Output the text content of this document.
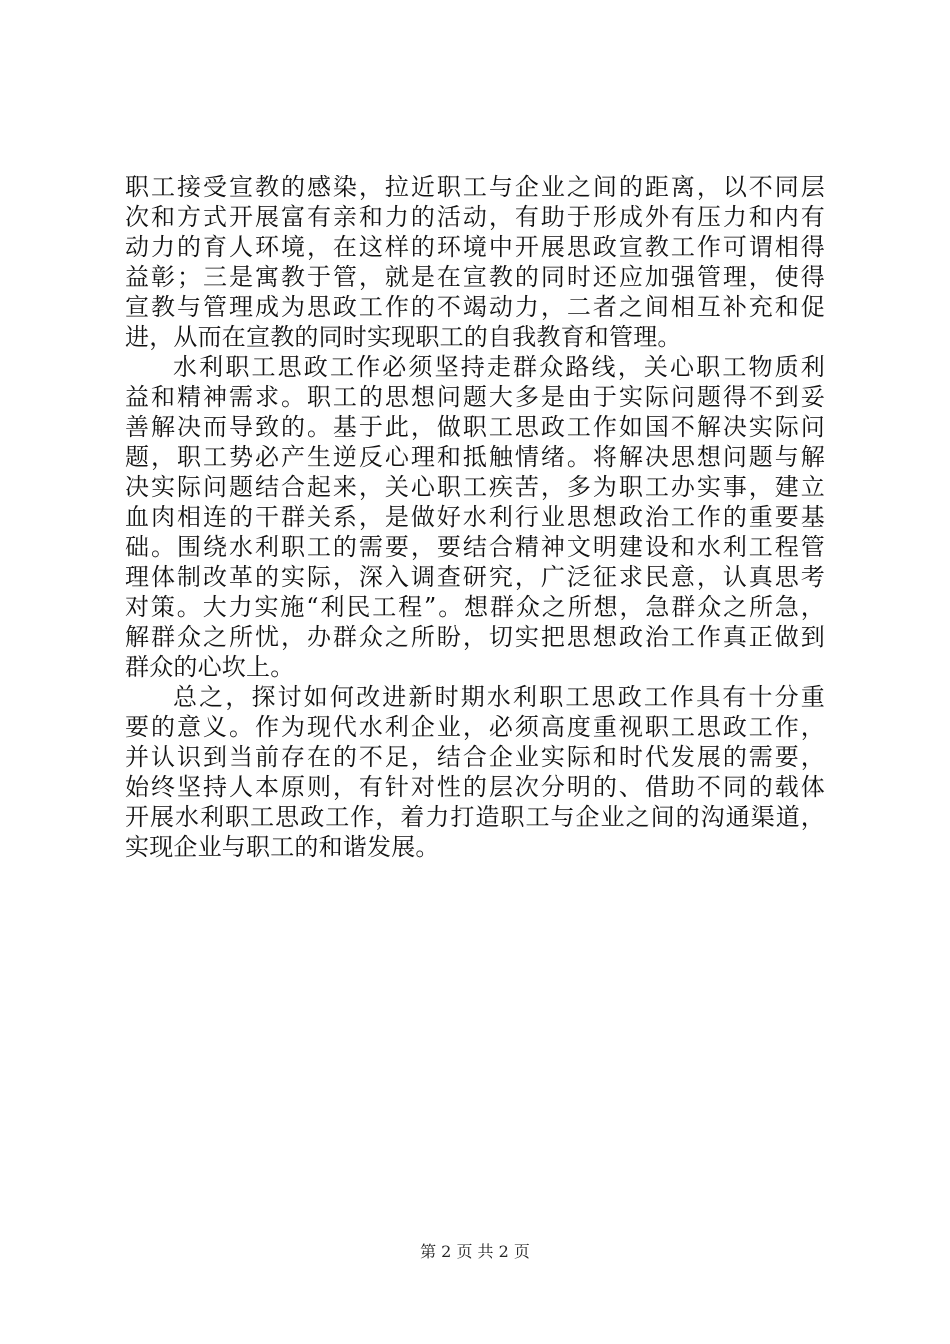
职工接受宣教的感染，拉近职工与企业之间的距离，以不同层
次和方式开展富有亲和力的活动，有助于形成外有压力和内有
动力的育人环境，在这样的环境中开展思政宣教工作可谓相得
益彰；三是寓教于管，就是在宣教的同时还应加强管理，使得
宣教与管理成为思政工作的不竭动力，二者之间相互补充和促
进，从而在宣教的同时实现职工的自我教育和管理。
水利职工思政工作必须坚持走群众路线，关心职工物质利
益和精神需求。职工的思想问题大多是由于实际问题得不到妥
善解决而导致的。基于此，做职工思政工作如国不解决实际问
题，职工势必产生逆反心理和抵触情绪。将解决思想问题与解
决实际问题结合起来，关心职工疾苦，多为职工办实事，建立
血肉相连的干群关系，是做好水利行业思想政治工作的重要基
础。围绕水利职工的需要，要结合精神文明建设和水利工程管
理体制改革的实际，深入调查研究，广泛征求民意，认真思考
对策。大力实施“利民工程”。想群众之所想，急群众之所急，
解群众之所忧，办群众之所盼，切实把思想政治工作真正做到
群众的心坎上。
总之，探讨如何改进新时期水利职工思政工作具有十分重
要的意义。作为现代水利企业，必须高度重视职工思政工作，
并认识到当前存在的不足，结合企业实际和时代发展的需要，
始终坚持人本原则，有针对性的层次分明的、借助不同的载体
开展水利职工思政工作，着力打造职工与企业之间的沟通渠道，
实现企业与职工的和谐发展。
第 2 页 共 2 页
